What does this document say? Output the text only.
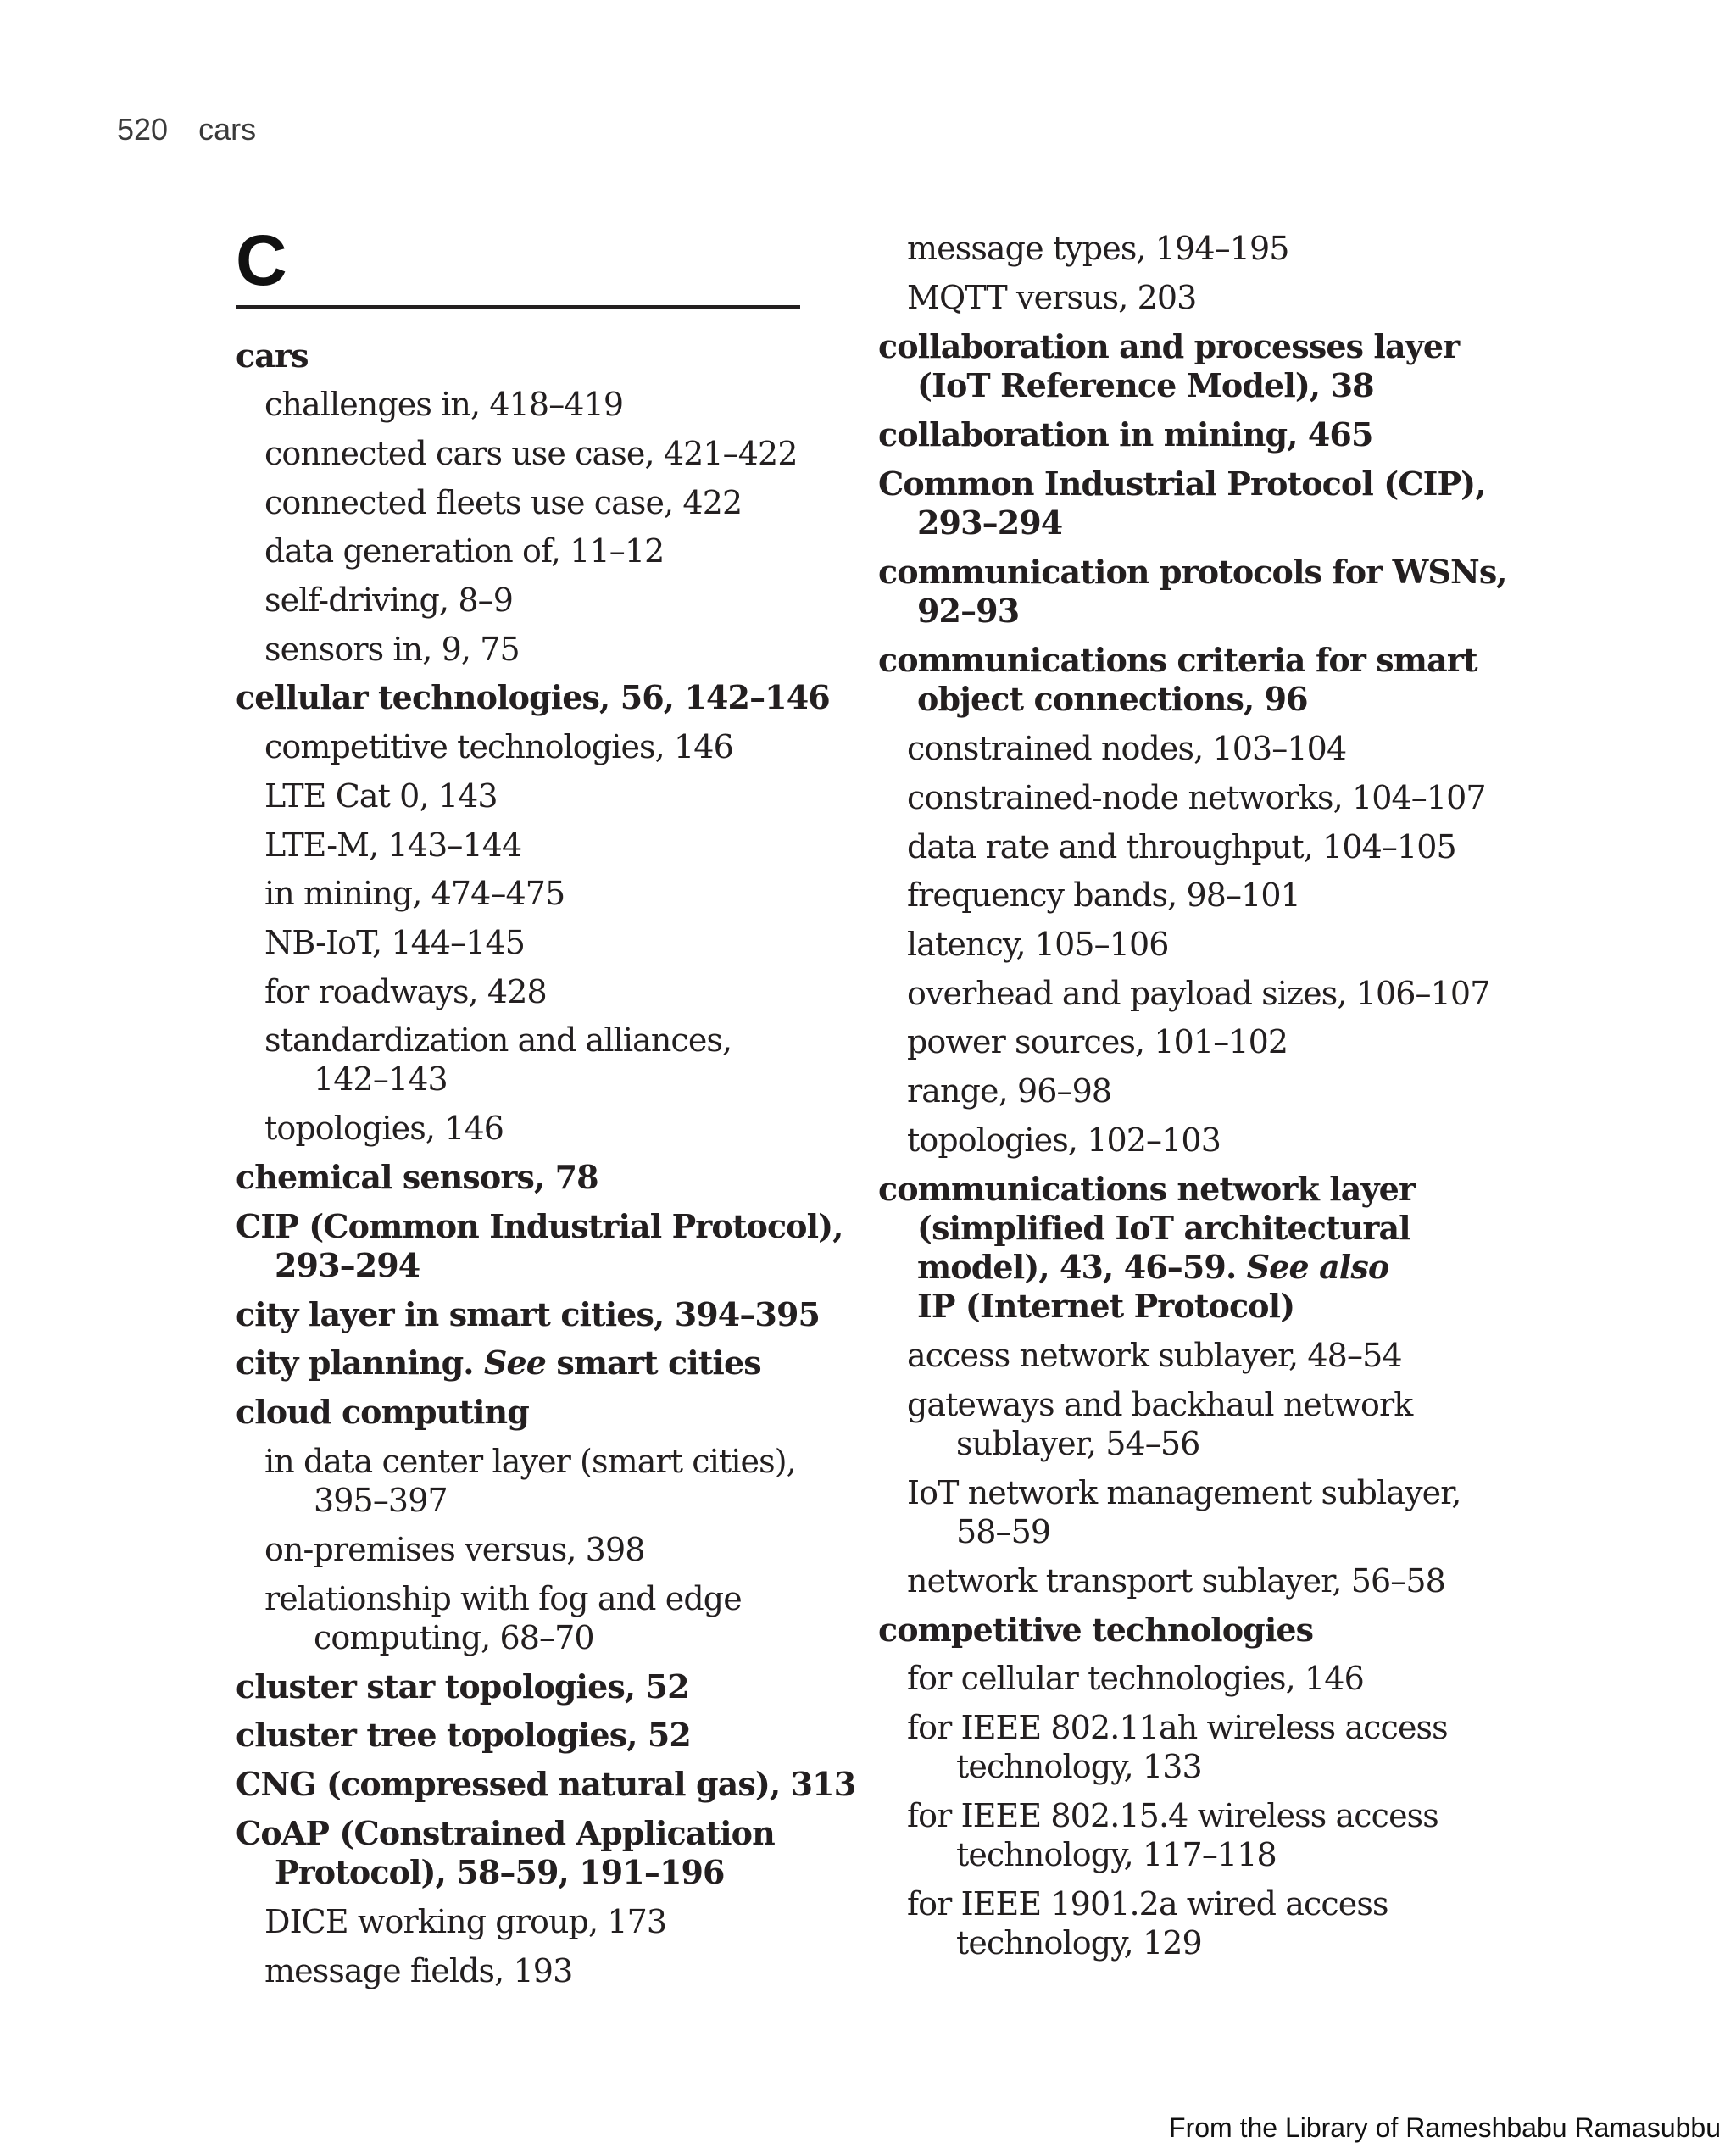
520 cars
C
cars
challenges in, 418–419
connected cars use case, 421–422
connected fleets use case, 422
data generation of, 11–12
self-driving, 8–9
sensors in, 9, 75
cellular technologies, 56, 142–146
competitive technologies, 146
LTE Cat 0, 143
LTE-M, 143–144
in mining, 474–475
NB-IoT, 144–145
for roadways, 428
standardization and alliances,
142–143
topologies, 146
chemical sensors, 78
CIP (Common Industrial Protocol),
293–294
city layer in smart cities, 394–395
city planning. See smart cities
cloud computing
in data center layer (smart cities),
395–397
on-premises versus, 398
relationship with fog and edge
computing, 68–70
cluster star topologies, 52
cluster tree topologies, 52
CNG (compressed natural gas), 313
CoAP (Constrained Application
Protocol), 58–59, 191–196
DICE working group, 173
message fields, 193
message types, 194–195
MQTT versus, 203
collaboration and processes layer
(IoT Reference Model), 38
collaboration in mining, 465
Common Industrial Protocol (CIP),
293–294
communication protocols for WSNs,
92–93
communications criteria for smart
object connections, 96
constrained nodes, 103–104
constrained-node networks, 104–107
data rate and throughput, 104–105
frequency bands, 98–101
latency, 105–106
overhead and payload sizes, 106–107
power sources, 101–102
range, 96–98
topologies, 102–103
communications network layer
(simplified IoT architectural
model), 43, 46–59. See also
IP (Internet Protocol)
access network sublayer, 48–54
gateways and backhaul network
sublayer, 54–56
IoT network management sublayer,
58–59
network transport sublayer, 56–58
competitive technologies
for cellular technologies, 146
for IEEE 802.11ah wireless access
technology, 133
for IEEE 802.15.4 wireless access
technology, 117–118
for IEEE 1901.2a wired access
technology, 129
From the Library of Rameshbabu Ramasubbu
